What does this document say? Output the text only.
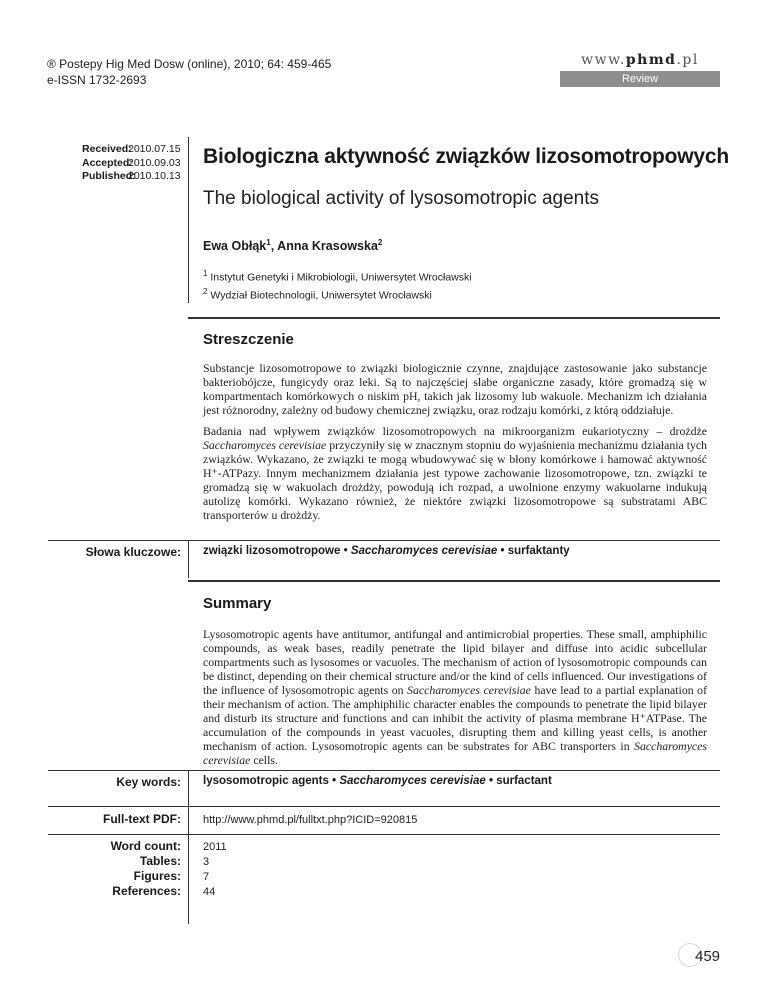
® Postepy Hig Med Dosw (online), 2010; 64: 459-465
e-ISSN 1732-2693
www.phmd.pl
Review
Received:2010.07.15
Accepted:2010.09.03
Published:2010.10.13
Biologiczna aktywność związków lizosomotropowych
The biological activity of lysosomotropic agents
Ewa Obłąk$^1$, Anna Krasowska$^2$
$^1$ Instytut Genetyki i Mikrobiologii, Uniwersytet Wrocławski
$^2$ Wydział Biotechnologii, Uniwersytet Wrocławski
Streszczenie

Substancje lizosomotropowe to związki biologicznie czynne, znajdujące zastosowanie jako substancje bakteriobójcze, fungicydy oraz leki. Są to najczęściej słabe organiczne zasady, które gromadzą się w kompartmentach komórkowych o niskim pH, takich jak lizosomy lub wakuole. Mechanizm ich działania jest różnorodny, zależny od budowy chemicznej związku, oraz rodzaju komórki, z którą oddziałuje.

Badania nad wpływem związków lizosomotropowych na mikroorganizm eukariotyczny – drożdże Saccharomyces cerevisiae przyczyniły się w znacznym stopniu do wyjaśnienia mechanizmu działania tych związków. Wykazano, że związki te mogą wbudowywać się w błony komórkowe i hamować aktywność H⁺-ATPazy. Innym mechanizmem działania jest typowe zachowanie lizosomotropowe, tzn. związki te gromadzą się w wakuolach drożdży, powodują ich rozpad, a uwolnione enzymy wakuolarne indukują autolizę komórki. Wykazano również, że niektóre związki lizosomotropowe są substratami ABC transporterów u drożdży.

Słowa kluczowe: związki lizosomotropowe • Saccharomyces cerevisiae • surfaktanty
Summary

Lysosomotropic agents have antitumor, antifungal and antimicrobial properties. These small, amphiphilic compounds, as weak bases, readily penetrate the lipid bilayer and diffuse into acidic subcellular compartments such as lysosomes or vacuoles. The mechanism of action of lysosomotropic compounds can be distinct, depending on their chemical structure and/or the kind of cells influenced. Our investigations of the influence of lysosomotropic agents on Saccharomyces cerevisiae have lead to a partial explanation of their mechanism of action. The amphiphilic character enables the compounds to penetrate the lipid bilayer and disturb its structure and functions and can inhibit the activity of plasma membrane H⁺ATPase. The accumulation of the compounds in yeast vacuoles, disrupting them and killing yeast cells, is another mechanism of action. Lysosomotropic agents can be substrates for ABC transporters in Saccharomyces cerevisiae cells.

Key words: lysosomotropic agents • Saccharomyces cerevisiae • surfactant
Full-text PDF: http://www.phmd.pl/fulltxt.php?ICID=920815
Word count:
Tables:
Figures:
References:
2011
3
7
44
459
